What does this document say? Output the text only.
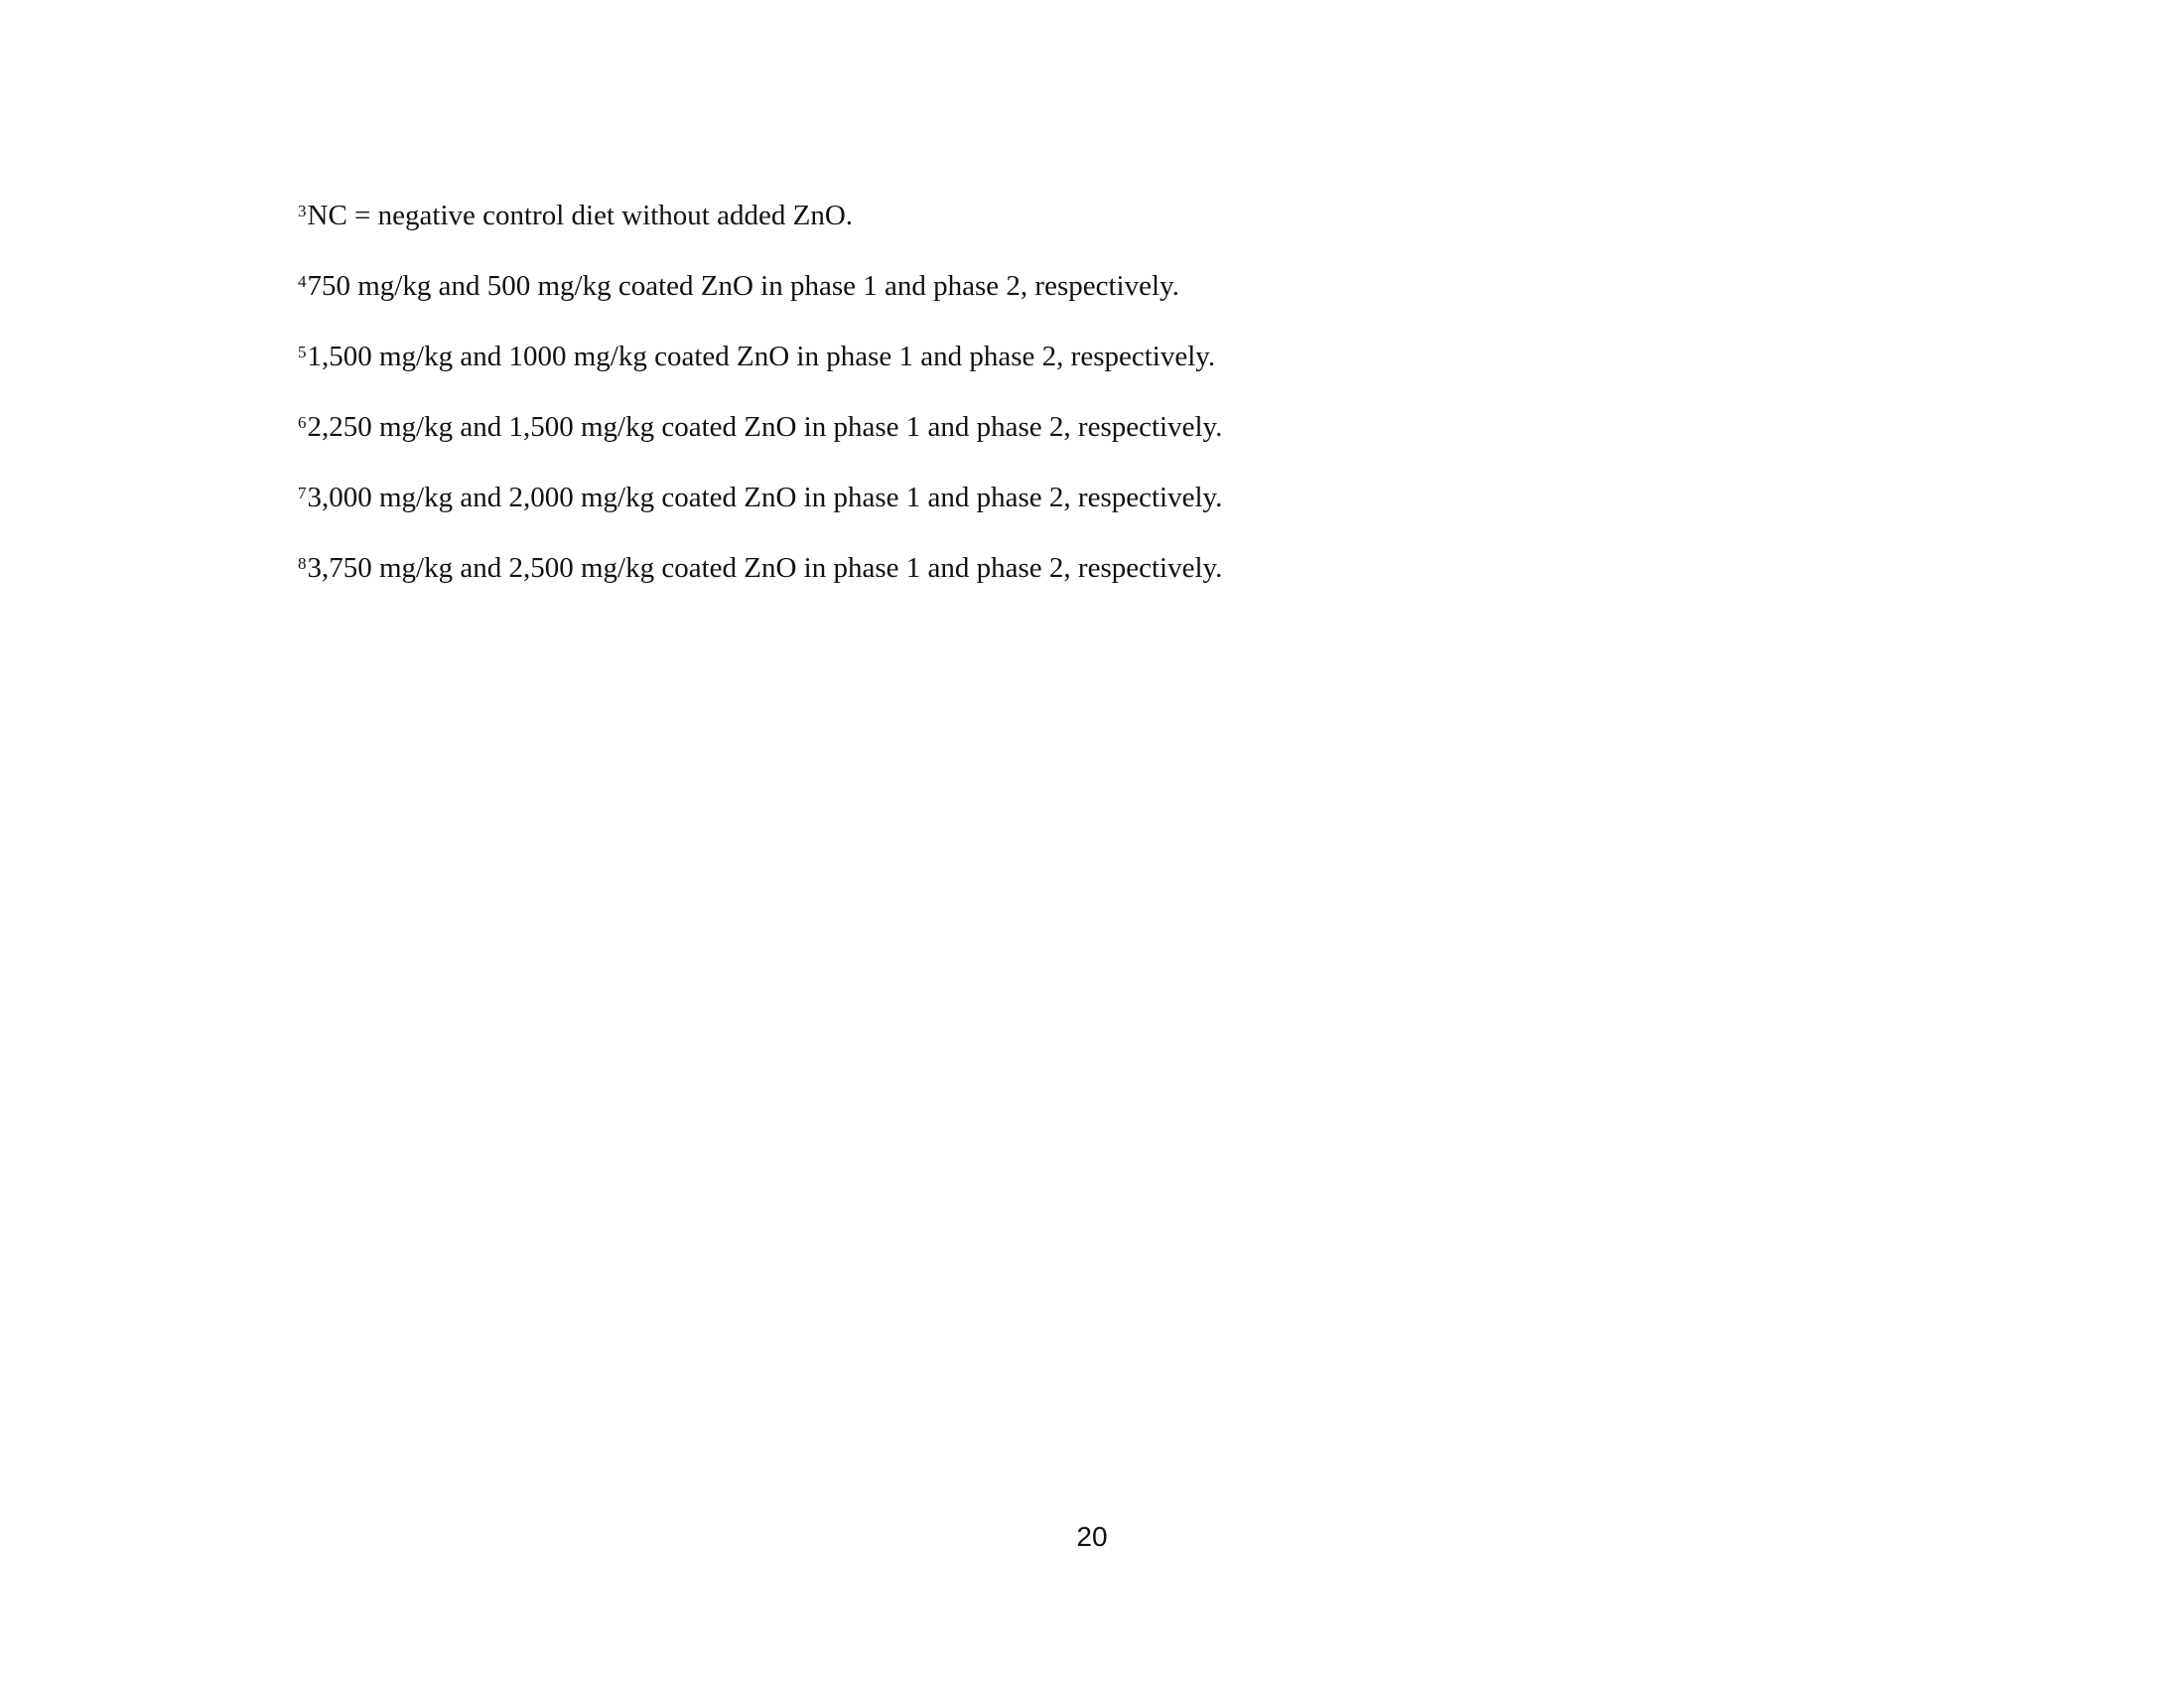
$^3$NC = negative control diet without added ZnO.
$^4$750 mg/kg and 500 mg/kg coated ZnO in phase 1 and phase 2, respectively.
$^5$1,500 mg/kg and 1000 mg/kg coated ZnO in phase 1 and phase 2, respectively.
$^6$2,250 mg/kg and 1,500 mg/kg coated ZnO in phase 1 and phase 2, respectively.
$^7$3,000 mg/kg and 2,000 mg/kg coated ZnO in phase 1 and phase 2, respectively.
$^8$3,750 mg/kg and 2,500 mg/kg coated ZnO in phase 1 and phase 2, respectively.
20
